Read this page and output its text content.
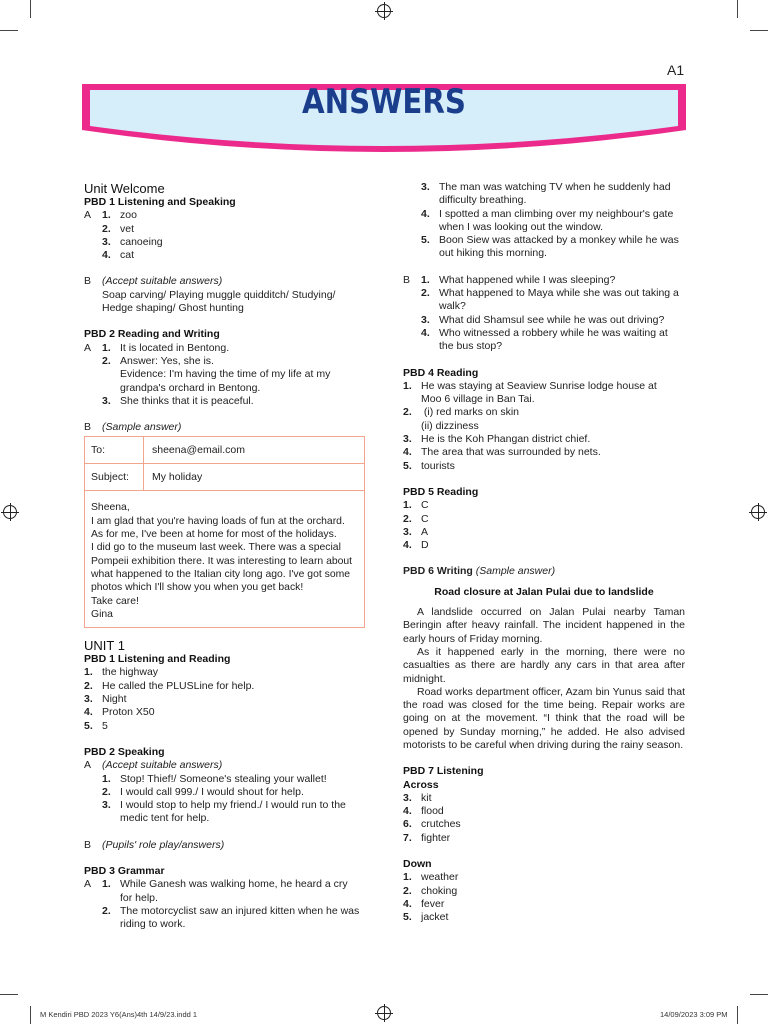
A1
ANSWERS
Unit Welcome
PBD 1 Listening and Speaking
A 1. zoo
2. vet
3. canoeing
4. cat
B (Accept suitable answers)
Soap carving/ Playing muggle quidditch/ Studying/
Hedge shaping/ Ghost hunting
PBD 2 Reading and Writing
A 1. It is located in Bentong.
2. Answer: Yes, she is.
Evidence: I'm having the time of my life at my
grandpa's orchard in Bentong.
3. She thinks that it is peaceful.
B (Sample answer)
To:	sheena@email.com
Subject:	My holiday
Sheena,
I am glad that you're having loads of fun at the orchard.
As for me, I've been at home for most of the holidays.
I did go to the museum last week. There was a special
Pompeii exhibition there. It was interesting to learn about
what happened to the Italian city long ago. I've got some
photos which I'll show you when you get back!
Take care!
Gina
UNIT 1
PBD 1 Listening and Reading
1. the highway
2. He called the PLUSLine for help.
3. Night
4. Proton X50
5. 5
PBD 2 Speaking
A (Accept suitable answers)
1. Stop! Thief!/ Someone's stealing your wallet!
2. I would call 999./ I would shout for help.
3. I would stop to help my friend./ I would run to the
medic tent for help.
B (Pupils' role play/answers)
PBD 3 Grammar
A 1. While Ganesh was walking home, he heard a cry
for help.
2. The motorcyclist saw an injured kitten when he was
riding to work.
3. The man was watching TV when he suddenly had
difficulty breathing.
4. I spotted a man climbing over my neighbour's gate
when I was looking out the window.
5. Boon Siew was attacked by a monkey while he was
out hiking this morning.
B 1. What happened while I was sleeping?
2. What happened to Maya while she was out taking a
walk?
3. What did Shamsul see while he was out driving?
4. Who witnessed a robbery while he was waiting at
the bus stop?
PBD 4 Reading
1. He was staying at Seaview Sunrise lodge house at
Moo 6 village in Ban Tai.
2. (i) red marks on skin
(ii) dizziness
3. He is the Koh Phangan district chief.
4. The area that was surrounded by nets.
5. tourists
PBD 5 Reading
1. C
2. C
3. A
4. D
PBD 6 Writing (Sample answer)
Road closure at Jalan Pulai due to landslide
A landslide occurred on Jalan Pulai nearby Taman Beringin after heavy rainfall. The incident happened in the early hours of Friday morning.
As it happened early in the morning, there were no casualties as there are hardly any cars in that area after midnight.
Road works department officer, Azam bin Yunus said that the road was closed for the time being. Repair works are going on at the movement. “I think that the road will be opened by Sunday morning,” he added. He also advised motorists to be careful when driving during the rainy season.
PBD 7 Listening
Across
3. kit
4. flood
6. crutches
7. fighter
Down
1. weather
2. choking
4. fever
5. jacket
M Kendiri PBD 2023 Y6(Ans)4th 14/9/23.indd 1	14/09/2023 3:09 PM
